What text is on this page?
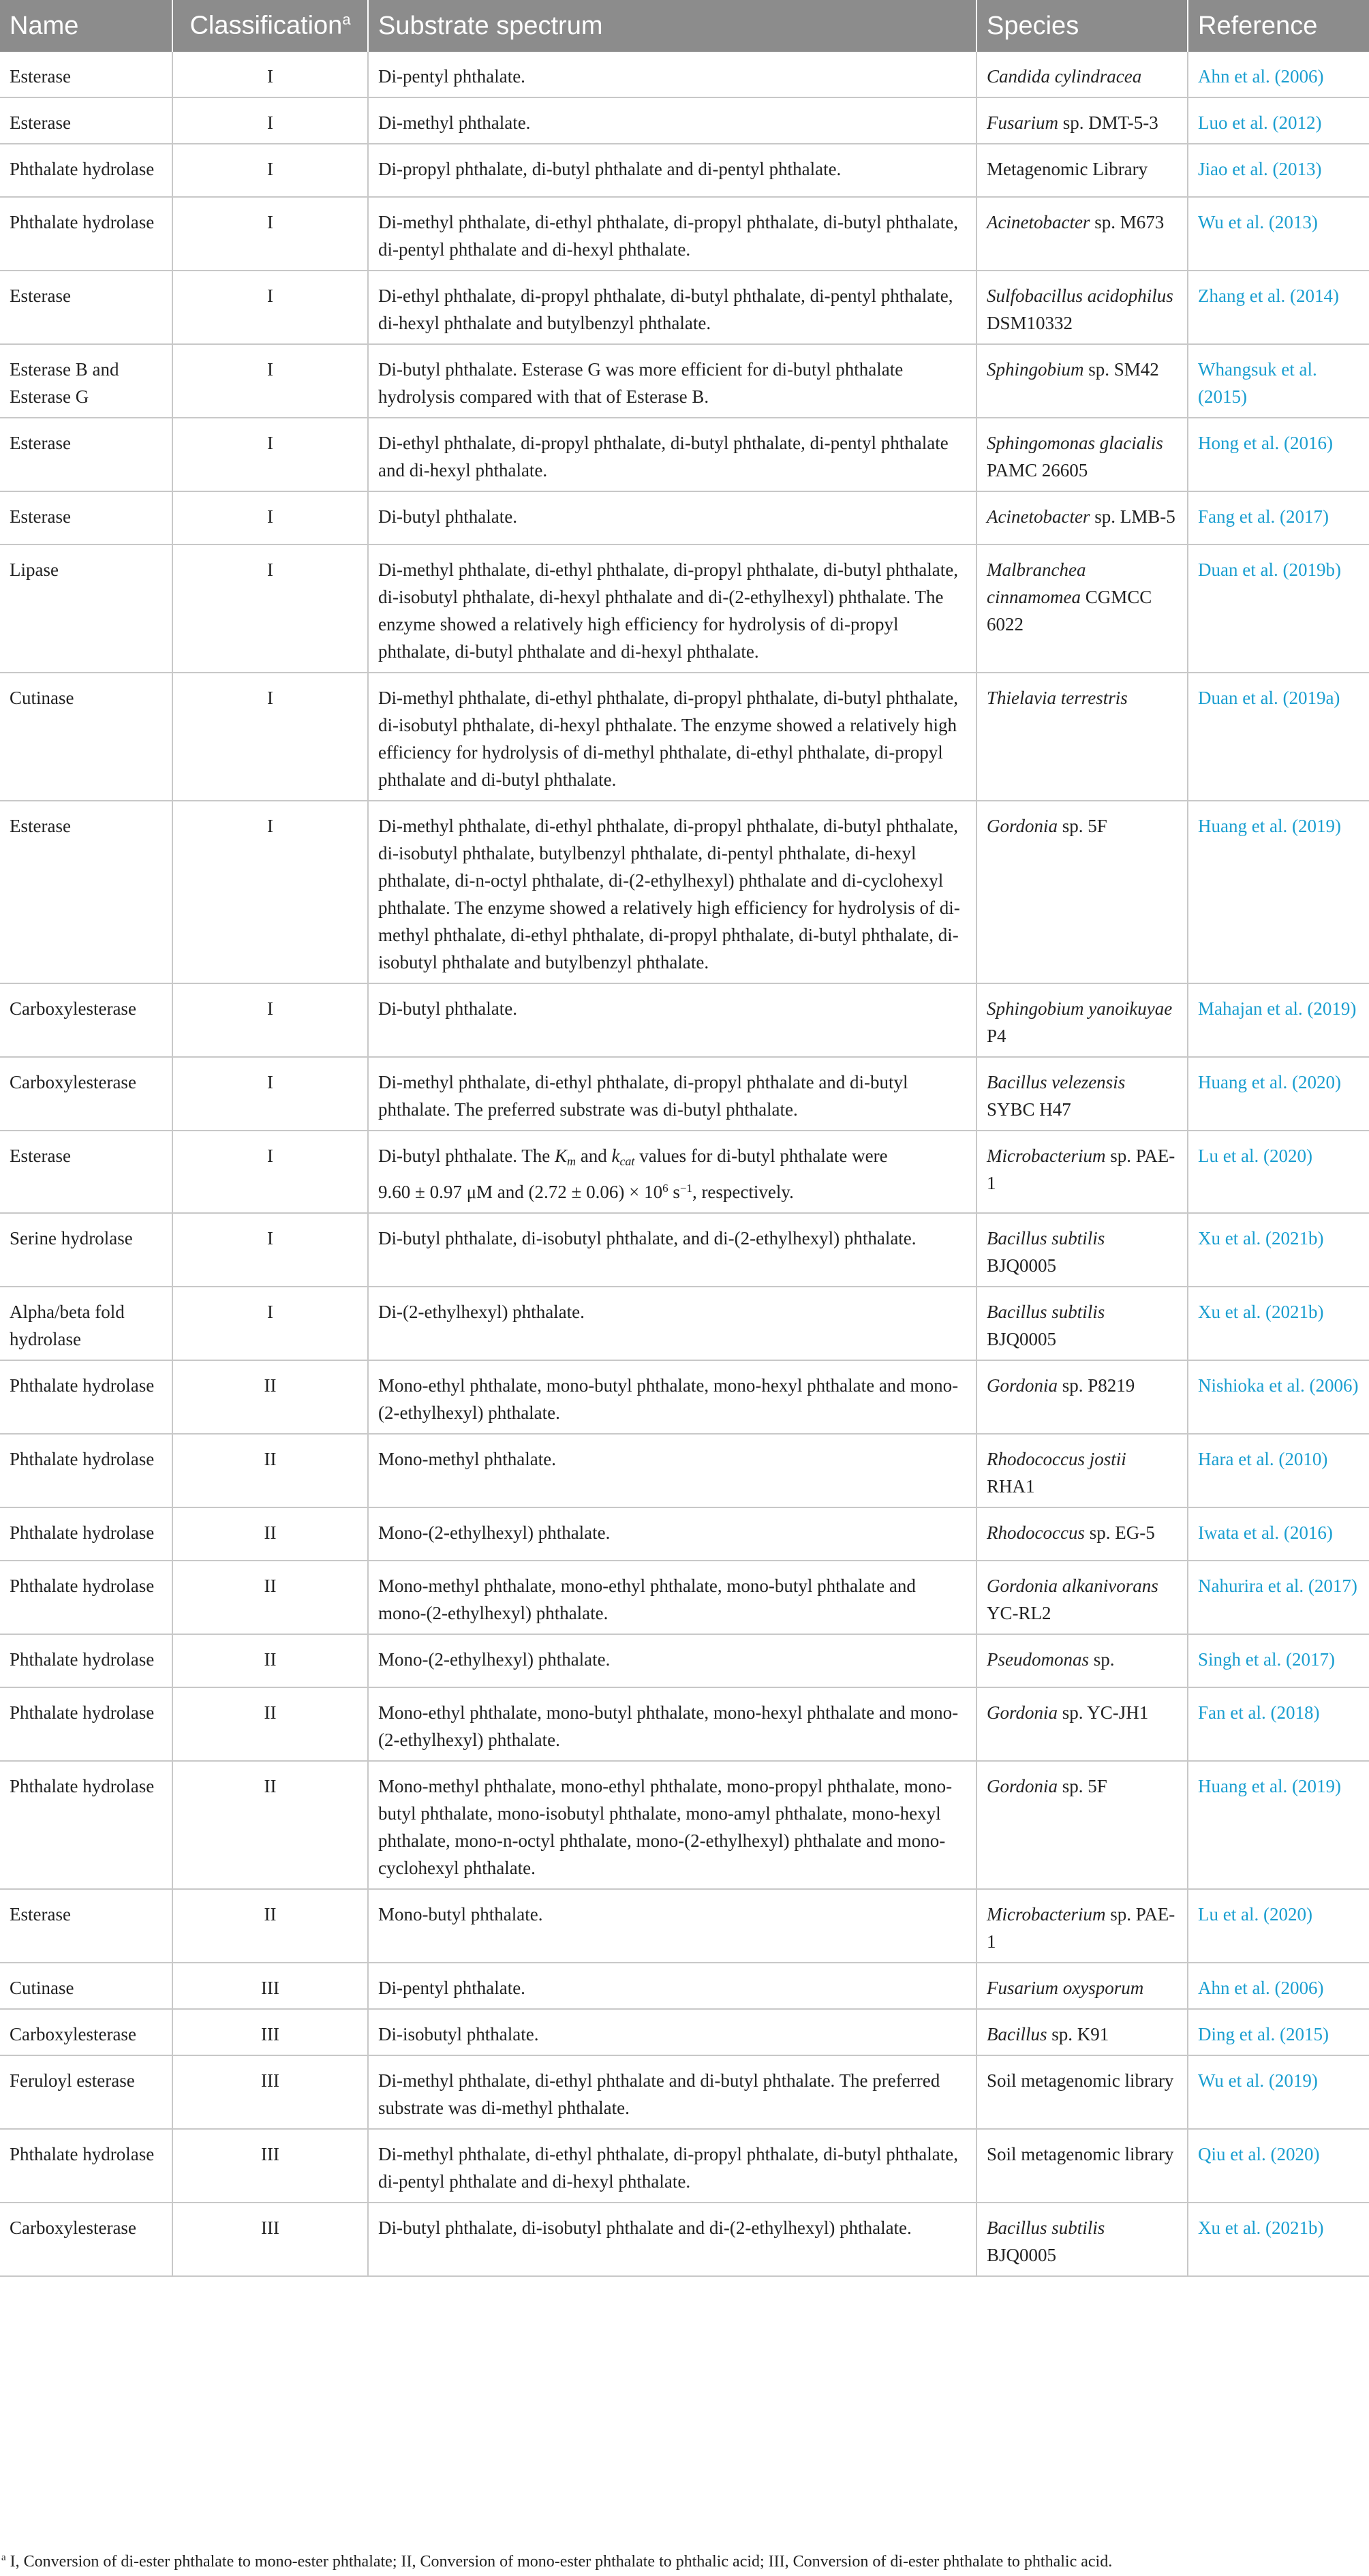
Name	Classification$^a$	Substrate spectrum	Species	Reference
Esterase	I	Di-pentyl phthalate.	Candida cylindracea	Ahn et al. (2006)
Esterase	I	Di-methyl phthalate.	Fusarium sp. DMT-5-3	Luo et al. (2012)
Phthalate hydrolase	I	Di-propyl phthalate, di-butyl phthalate and di-pentyl phthalate.	Metagenomic Library	Jiao et al. (2013)
Phthalate hydrolase	I	Di-methyl phthalate, di-ethyl phthalate, di-propyl phthalate, di-butyl phthalate, di-pentyl phthalate and di-hexyl phthalate.	Acinetobacter sp. M673	Wu et al. (2013)
Esterase	I	Di-ethyl phthalate, di-propyl phthalate, di-butyl phthalate, di-pentyl phthalate, di-hexyl phthalate and butylbenzyl phthalate.	Sulfobacillus acidophilus DSM10332	Zhang et al. (2014)
Esterase B and Esterase G	I	Di-butyl phthalate. Esterase G was more efficient for di-butyl phthalate hydrolysis compared with that of Esterase B.	Sphingobium sp. SM42	Whangsuk et al. (2015)
Esterase	I	Di-ethyl phthalate, di-propyl phthalate, di-butyl phthalate, di-pentyl phthalate and di-hexyl phthalate.	Sphingomonas glacialis PAMC 26605	Hong et al. (2016)
Esterase	I	Di-butyl phthalate.	Acinetobacter sp. LMB-5	Fang et al. (2017)
Lipase	I	Di-methyl phthalate, di-ethyl phthalate, di-propyl phthalate, di-butyl phthalate, di-isobutyl phthalate, di-hexyl phthalate and di-(2-ethylhexyl) phthalate. The enzyme showed a relatively high efficiency for hydrolysis of di-propyl phthalate, di-butyl phthalate and di-hexyl phthalate.	Malbranchea cinnamomea CGMCC 6022	Duan et al. (2019b)
Cutinase	I	Di-methyl phthalate, di-ethyl phthalate, di-propyl phthalate, di-butyl phthalate, di-isobutyl phthalate, di-hexyl phthalate. The enzyme showed a relatively high efficiency for hydrolysis of di-methyl phthalate, di-ethyl phthalate, di-propyl phthalate and di-butyl phthalate.	Thielavia terrestris	Duan et al. (2019a)
Esterase	I	Di-methyl phthalate, di-ethyl phthalate, di-propyl phthalate, di-butyl phthalate, di-isobutyl phthalate, butylbenzyl phthalate, di-pentyl phthalate, di-hexyl phthalate, di-n-octyl phthalate, di-(2-ethylhexyl) phthalate and di-cyclohexyl phthalate. The enzyme showed a relatively high efficiency for hydrolysis of di-methyl phthalate, di-ethyl phthalate, di-propyl phthalate, di-butyl phthalate, di-isobutyl phthalate and butylbenzyl phthalate.	Gordonia sp. 5F	Huang et al. (2019)
Carboxylesterase	I	Di-butyl phthalate.	Sphingobium yanoikuyae P4	Mahajan et al. (2019)
Carboxylesterase	I	Di-methyl phthalate, di-ethyl phthalate, di-propyl phthalate and di-butyl phthalate. The preferred substrate was di-butyl phthalate.	Bacillus velezensis SYBC H47	Huang et al. (2020)
Esterase	I	Di-butyl phthalate. The $K_m$ and $k_{cat}$ values for di-butyl phthalate were
9.60 ± 0.97 μM and $(2.72 \pm 0.06) \times 10^6$ $s^{-1}$, respectively.	Microbacterium sp. PAE-1	Lu et al. (2020)
Serine hydrolase	I	Di-butyl phthalate, di-isobutyl phthalate, and di-(2-ethylhexyl) phthalate.	Bacillus subtilis BJQ0005	Xu et al. (2021b)
Alpha/beta fold hydrolase	I	Di-(2-ethylhexyl) phthalate.	Bacillus subtilis BJQ0005	Xu et al. (2021b)
Phthalate hydrolase	II	Mono-ethyl phthalate, mono-butyl phthalate, mono-hexyl phthalate and mono-(2-ethylhexyl) phthalate.	Gordonia sp. P8219	Nishioka et al. (2006)
Phthalate hydrolase	II	Mono-methyl phthalate.	Rhodococcus jostii RHA1	Hara et al. (2010)
Phthalate hydrolase	II	Mono-(2-ethylhexyl) phthalate.	Rhodococcus sp. EG-5	Iwata et al. (2016)
Phthalate hydrolase	II	Mono-methyl phthalate, mono-ethyl phthalate, mono-butyl phthalate and mono-(2-ethylhexyl) phthalate.	Gordonia alkanivorans YC-RL2	Nahurira et al. (2017)
Phthalate hydrolase	II	Mono-(2-ethylhexyl) phthalate.	Pseudomonas sp.	Singh et al. (2017)
Phthalate hydrolase	II	Mono-ethyl phthalate, mono-butyl phthalate, mono-hexyl phthalate and mono-(2-ethylhexyl) phthalate.	Gordonia sp. YC-JH1	Fan et al. (2018)
Phthalate hydrolase	II	Mono-methyl phthalate, mono-ethyl phthalate, mono-propyl phthalate, mono-butyl phthalate, mono-isobutyl phthalate, mono-amyl phthalate, mono-hexyl phthalate, mono-n-octyl phthalate, mono-(2-ethylhexyl) phthalate and mono-cyclohexyl phthalate.	Gordonia sp. 5F	Huang et al. (2019)
Esterase	II	Mono-butyl phthalate.	Microbacterium sp. PAE-1	Lu et al. (2020)
Cutinase	III	Di-pentyl phthalate.	Fusarium oxysporum	Ahn et al. (2006)
Carboxylesterase	III	Di-isobutyl phthalate.	Bacillus sp. K91	Ding et al. (2015)
Feruloyl esterase	III	Di-methyl phthalate, di-ethyl phthalate and di-butyl phthalate. The preferred substrate was di-methyl phthalate.	Soil metagenomic library	Wu et al. (2019)
Phthalate hydrolase	III	Di-methyl phthalate, di-ethyl phthalate, di-propyl phthalate, di-butyl phthalate, di-pentyl phthalate and di-hexyl phthalate.	Soil metagenomic library	Qiu et al. (2020)
Carboxylesterase	III	Di-butyl phthalate, di-isobutyl phthalate and di-(2-ethylhexyl) phthalate.	Bacillus subtilis BJQ0005	Xu et al. (2021b)
$^a$ I, Conversion of di-ester phthalate to mono-ester phthalate; II, Conversion of mono-ester phthalate to phthalic acid; III, Conversion of di-ester phthalate to phthalic acid.
